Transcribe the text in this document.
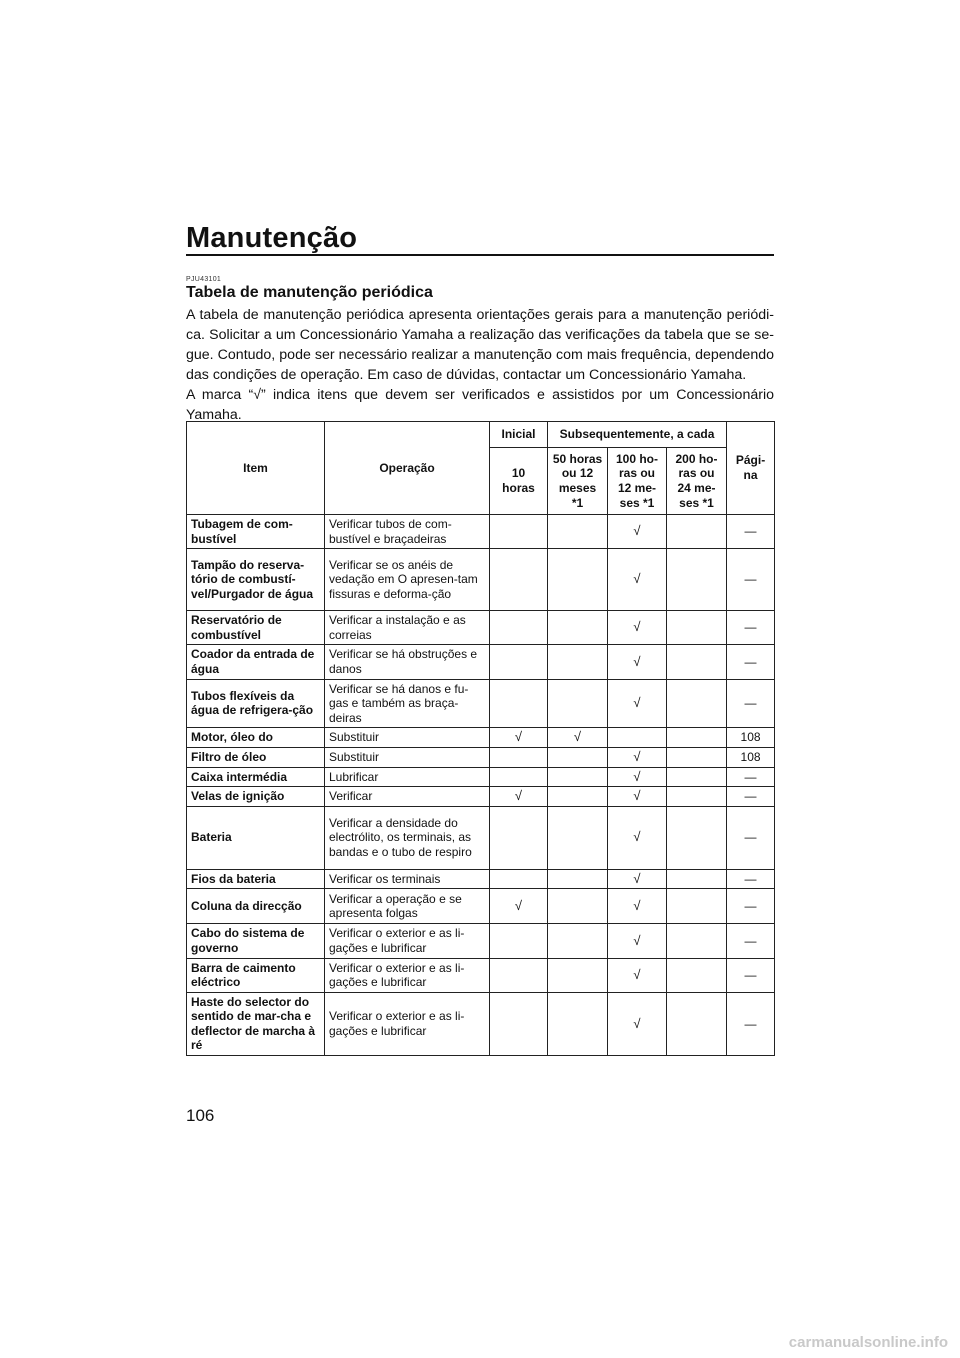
Manutenção
PJU43101
Tabela de manutenção periódica

A tabela de manutenção periódica apresenta orientações gerais para a manutenção periódi-ca. Solicitar a um Concessionário Yamaha a realização das verificações da tabela que se se-gue. Contudo, pode ser necessário realizar a manutenção com mais frequência, dependendo das condições de operação. Em caso de dúvidas, contactar um Concessionário Yamaha.

A marca “√” indica itens que devem ser verificados e assistidos por um Concessionário Yamaha.

Item	Operação	Inicial	Subsequentemente, a cada			Pági-na
		10 horas	50 horas ou 12 meses *1	100 ho-ras ou 12 me-ses *1	200 ho-ras ou 24 me-ses *1	
Tubagem de com-bustível	Verificar tubos de com-bustível e braçadeiras			√		—
Tampão do reserva-tório de combustí-vel/Purgador de água	Verificar se os anéis de vedação em O apresen-tam fissuras e deforma-ção			√		—
Reservatório de combustível	Verificar a instalação e as correias			√		—
Coador da entrada de água	Verificar se há obstruções e danos			√		—
Tubos flexíveis da água de refrigera-ção	Verificar se há danos e fu-gas e também as braça-deiras			√		—
Motor, óleo do	Substituir	√	√			108
Filtro de óleo	Substituir			√		108
Caixa intermédia	Lubrificar			√		—
Velas de ignição	Verificar	√		√		—
Bateria	Verificar a densidade do electrólito, os terminais, as bandas e o tubo de respiro			√		—
Fios da bateria	Verificar os terminais			√		—
Coluna da direcção	Verificar a operação e se apresenta folgas	√		√		—
Cabo do sistema de governo	Verificar o exterior e as li-gações e lubrificar			√		—
Barra de caimento eléctrico	Verificar o exterior e as li-gações e lubrificar			√		—
Haste do selector do sentido de mar-cha e deflector de marcha à ré	Verificar o exterior e as li-gações e lubrificar			√		—
106
carmanualsonline.info
